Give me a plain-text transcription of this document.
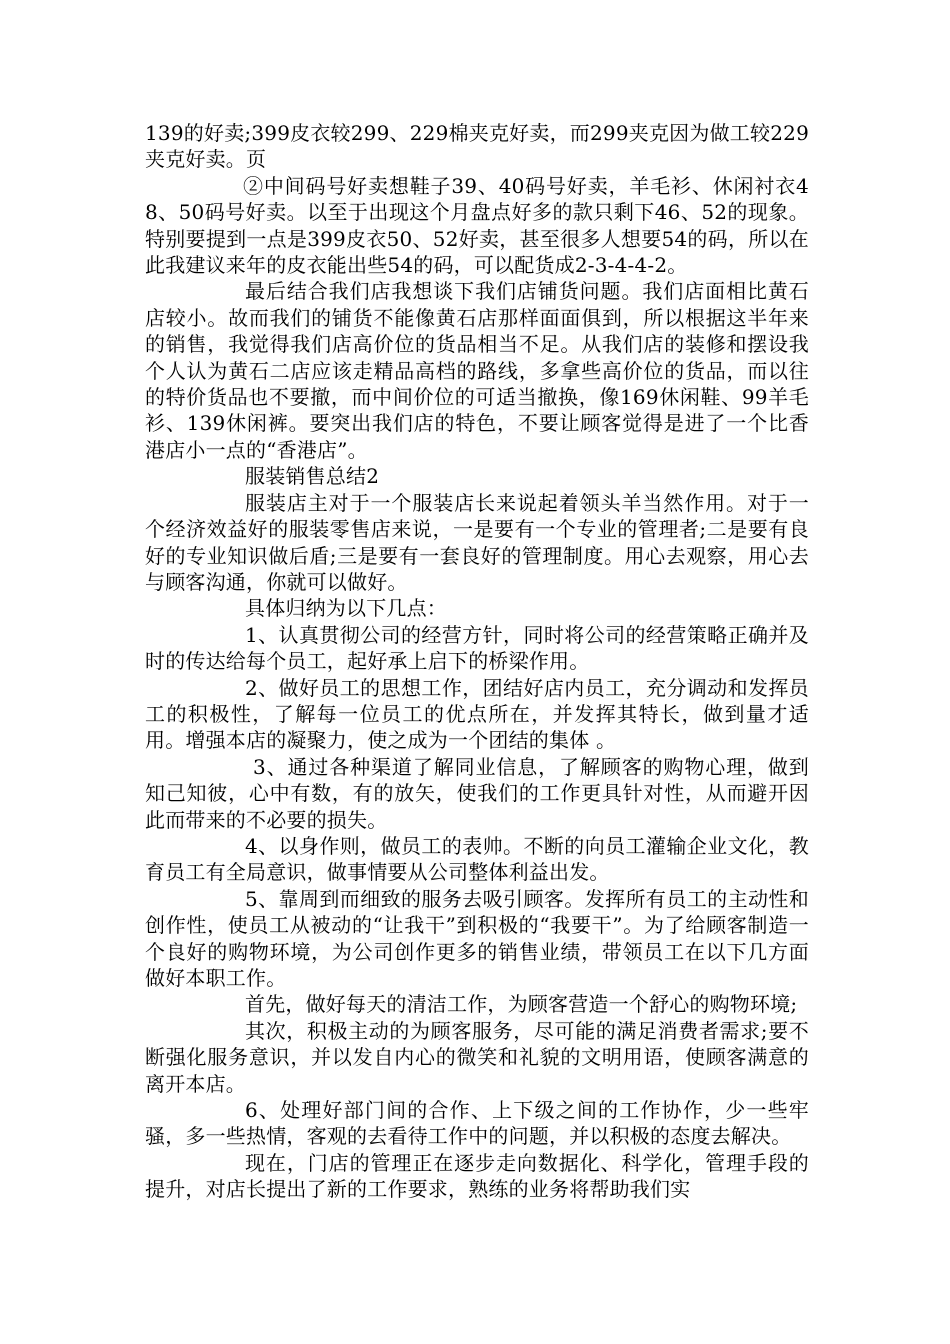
139的好卖;399皮衣较299、229棉夹克好卖，而299夹克因为做工较229夹克好卖。页

②中间码号好卖想鞋子39、40码号好卖，羊毛衫、休闲衬衣48、50码号好卖。以至于出现这个月盘点好多的款只剩下46、52的现象。特别要提到一点是399皮衣50、52好卖，甚至很多人想要54的码，所以在此我建议来年的皮衣能出些54的码，可以配货成2-3-4-4-2。

最后结合我们店我想谈下我们店铺货问题。我们店面相比黄石店较小。故而我们的铺货不能像黄石店那样面面俱到，所以根据这半年来的销售，我觉得我们店高价位的货品相当不足。从我们店的装修和摆设我个人认为黄石二店应该走精品高档的路线，多拿些高价位的货品，而以往的特价货品也不要撤，而中间价位的可适当撤换，像169休闲鞋、99羊毛衫、139休闲裤。要突出我们店的特色，不要让顾客觉得是进了一个比香港店小一点的“香港店”。

服装销售总结2

服装店主对于一个服装店长来说起着领头羊当然作用。对于一个经济效益好的服装零售店来说，一是要有一个专业的管理者;二是要有良好的专业知识做后盾;三是要有一套良好的管理制度。用心去观察，用心去与顾客沟通，你就可以做好。

具体归纳为以下几点：

1、认真贯彻公司的经营方针，同时将公司的经营策略正确并及时的传达给每个员工，起好承上启下的桥梁作用。

2、做好员工的思想工作，团结好店内员工，充分调动和发挥员工的积极性，了解每一位员工的优点所在，并发挥其特长，做到量才适用。增强本店的凝聚力，使之成为一个团结的集体 。

3、通过各种渠道了解同业信息，了解顾客的购物心理，做到知己知彼，心中有数，有的放矢，使我们的工作更具针对性，从而避开因此而带来的不必要的损失。

4、以身作则，做员工的表帅。不断的向员工灌输企业文化，教育员工有全局意识，做事情要从公司整体利益出发。

5、靠周到而细致的服务去吸引顾客。发挥所有员工的主动性和创作性，使员工从被动的“让我干”到积极的“我要干”。为了给顾客制造一个良好的购物环境，为公司创作更多的销售业绩，带领员工在以下几方面做好本职工作。

首先，做好每天的清洁工作，为顾客营造一个舒心的购物环境;

其次，积极主动的为顾客服务，尽可能的满足消费者需求;要不断强化服务意识，并以发自内心的微笑和礼貌的文明用语，使顾客满意的离开本店。

6、处理好部门间的合作、上下级之间的工作协作，少一些牢骚，多一些热情，客观的去看待工作中的问题，并以积极的态度去解决。

现在，门店的管理正在逐步走向数据化、科学化，管理手段的提升，对店长提出了新的工作要求，熟练的业务将帮助我们实
